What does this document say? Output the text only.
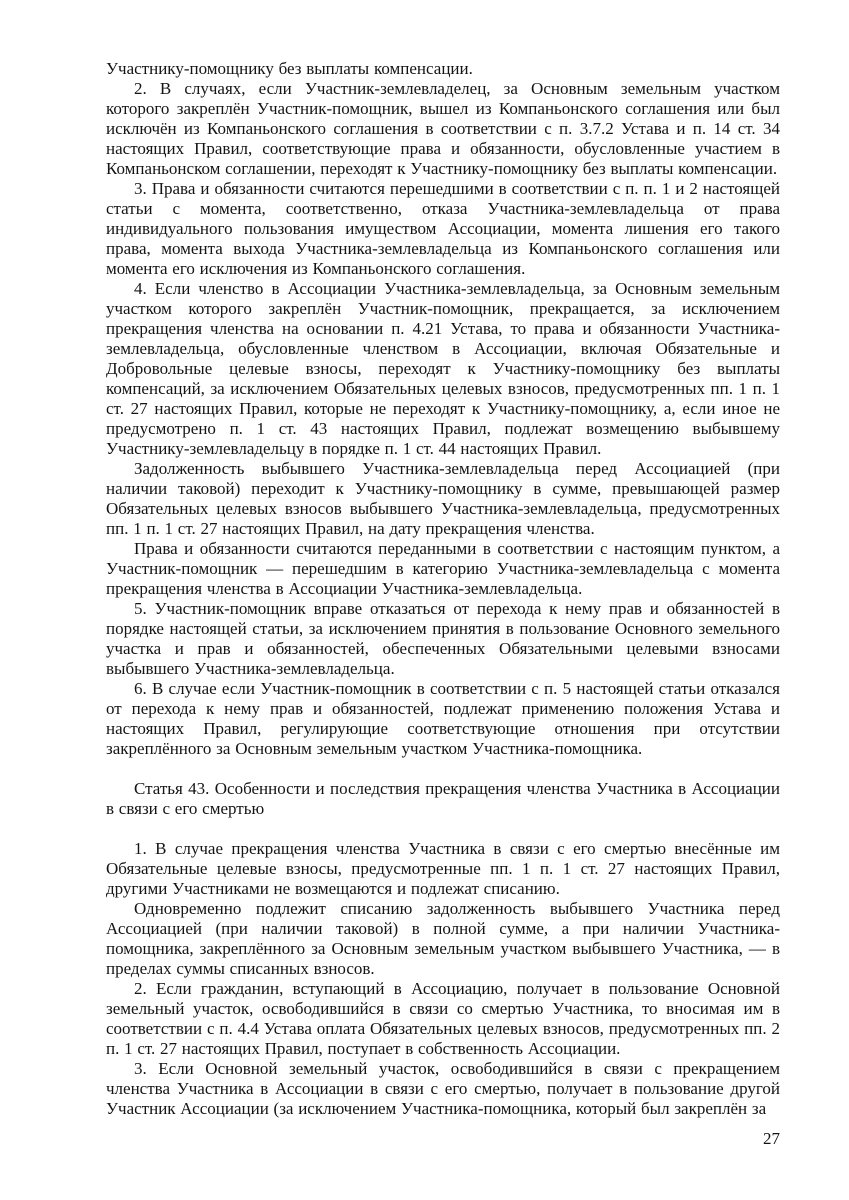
Участнику-помощнику без выплаты компенсации.

2. В случаях, если Участник-землевладелец, за Основным земельным участком которого закреплён Участник-помощник, вышел из Компаньонского соглашения или был исключён из Компаньонского соглашения в соответствии с п. 3.7.2 Устава и п. 14 ст. 34 настоящих Правил, соответствующие права и обязанности, обусловленные участием в Компаньонском соглашении, переходят к Участнику-помощнику без выплаты компенсации.

3. Права и обязанности считаются перешедшими в соответствии с п. п. 1 и 2 настоящей статьи с момента, соответственно, отказа Участника-землевладельца от права индивидуального пользования имуществом Ассоциации, момента лишения его такого права, момента выхода Участника-землевладельца из Компаньонского соглашения или момента его исключения из Компаньонского соглашения.

4. Если членство в Ассоциации Участника-землевладельца, за Основным земельным участком которого закреплён Участник-помощник, прекращается, за исключением прекращения членства на основании п. 4.21 Устава, то права и обязанности Участника-землевладельца, обусловленные членством в Ассоциации, включая Обязательные и Добровольные целевые взносы, переходят к Участнику-помощнику без выплаты компенсаций, за исключением Обязательных целевых взносов, предусмотренных пп. 1 п. 1 ст. 27 настоящих Правил, которые не переходят к Участнику-помощнику, а, если иное не предусмотрено п. 1 ст. 43 настоящих Правил, подлежат возмещению выбывшему Участнику-землевладельцу в порядке п. 1 ст. 44 настоящих Правил.

Задолженность выбывшего Участника-землевладельца перед Ассоциацией (при наличии таковой) переходит к Участнику-помощнику в сумме, превышающей размер Обязательных целевых взносов выбывшего Участника-землевладельца, предусмотренных пп. 1 п. 1 ст. 27 настоящих Правил, на дату прекращения членства.

Права и обязанности считаются переданными в соответствии с настоящим пунктом, а Участник-помощник — перешедшим в категорию Участника-землевладельца с момента прекращения членства в Ассоциации Участника-землевладельца.

5. Участник-помощник вправе отказаться от перехода к нему прав и обязанностей в порядке настоящей статьи, за исключением принятия в пользование Основного земельного участка и прав и обязанностей, обеспеченных Обязательными целевыми взносами выбывшего Участника-землевладельца.

6. В случае если Участник-помощник в соответствии с п. 5 настоящей статьи отказался от перехода к нему прав и обязанностей, подлежат применению положения Устава и настоящих Правил, регулирующие соответствующие отношения при отсутствии закреплённого за Основным земельным участком Участника-помощника.

Статья 43. Особенности и последствия прекращения членства Участника в Ассоциации в связи с его смертью

1. В случае прекращения членства Участника в связи с его смертью внесённые им Обязательные целевые взносы, предусмотренные пп. 1 п. 1 ст. 27 настоящих Правил, другими Участниками не возмещаются и подлежат списанию.

Одновременно подлежит списанию задолженность выбывшего Участника перед Ассоциацией (при наличии таковой) в полной сумме, а при наличии Участника-помощника, закреплённого за Основным земельным участком выбывшего Участника, — в пределах суммы списанных взносов.

2. Если гражданин, вступающий в Ассоциацию, получает в пользование Основной земельный участок, освободившийся в связи со смертью Участника, то вносимая им в соответствии с п. 4.4 Устава оплата Обязательных целевых взносов, предусмотренных пп. 2 п. 1 ст. 27 настоящих Правил, поступает в собственность Ассоциации.

3. Если Основной земельный участок, освободившийся в связи с прекращением членства Участника в Ассоциации в связи с его смертью, получает в пользование другой Участник Ассоциации (за исключением Участника-помощника, который был закреплён за

27
